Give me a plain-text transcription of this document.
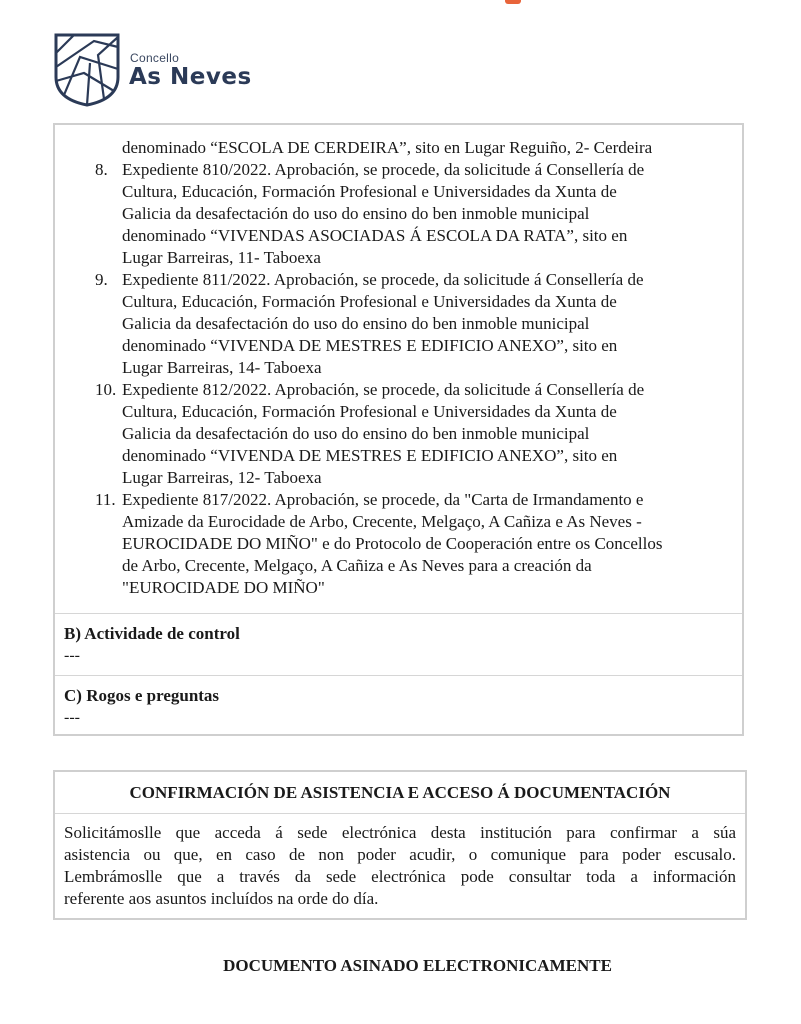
Concello
As Neves
denominado “ESCOLA DE CERDEIRA”, sito en Lugar Reguiño, 2- Cerdeira
8. Expediente 810/2022. Aprobación, se procede, da solicitude á Consellería de
Cultura, Educación, Formación Profesional e Universidades da Xunta de
Galicia da desafectación do uso do ensino do ben inmoble municipal
denominado “VIVENDAS ASOCIADAS Á ESCOLA DA RATA”, sito en
Lugar Barreiras, 11- Taboexa
9. Expediente 811/2022. Aprobación, se procede, da solicitude á Consellería de
Cultura, Educación, Formación Profesional e Universidades da Xunta de
Galicia da desafectación do uso do ensino do ben inmoble municipal
denominado “VIVENDA DE MESTRES E EDIFICIO ANEXO”, sito en
Lugar Barreiras, 14- Taboexa
10. Expediente 812/2022. Aprobación, se procede, da solicitude á Consellería de
Cultura, Educación, Formación Profesional e Universidades da Xunta de
Galicia da desafectación do uso do ensino do ben inmoble municipal
denominado “VIVENDA DE MESTRES E EDIFICIO ANEXO”, sito en
Lugar Barreiras, 12- Taboexa
11. Expediente 817/2022. Aprobación, se procede, da "Carta de Irmandamento e
Amizade da Eurocidade de Arbo, Crecente, Melgaço, A Cañiza e As Neves -
EUROCIDADE DO MIÑO" e do Protocolo de Cooperación entre os Concellos
de Arbo, Crecente, Melgaço, A Cañiza e As Neves para a creación da
"EUROCIDADE DO MIÑO"
B) Actividade de control
---
C) Rogos e preguntas
---
CONFIRMACIÓN DE ASISTENCIA E ACCESO Á DOCUMENTACIÓN
Solicitámoslle que acceda á sede electrónica desta institución para confirmar a súa
asistencia ou que, en caso de non poder acudir, o comunique para poder escusalo.
Lembrámoslle que a través da sede electrónica pode consultar toda a información
referente aos asuntos incluídos na orde do día.
DOCUMENTO ASINADO ELECTRONICAMENTE
